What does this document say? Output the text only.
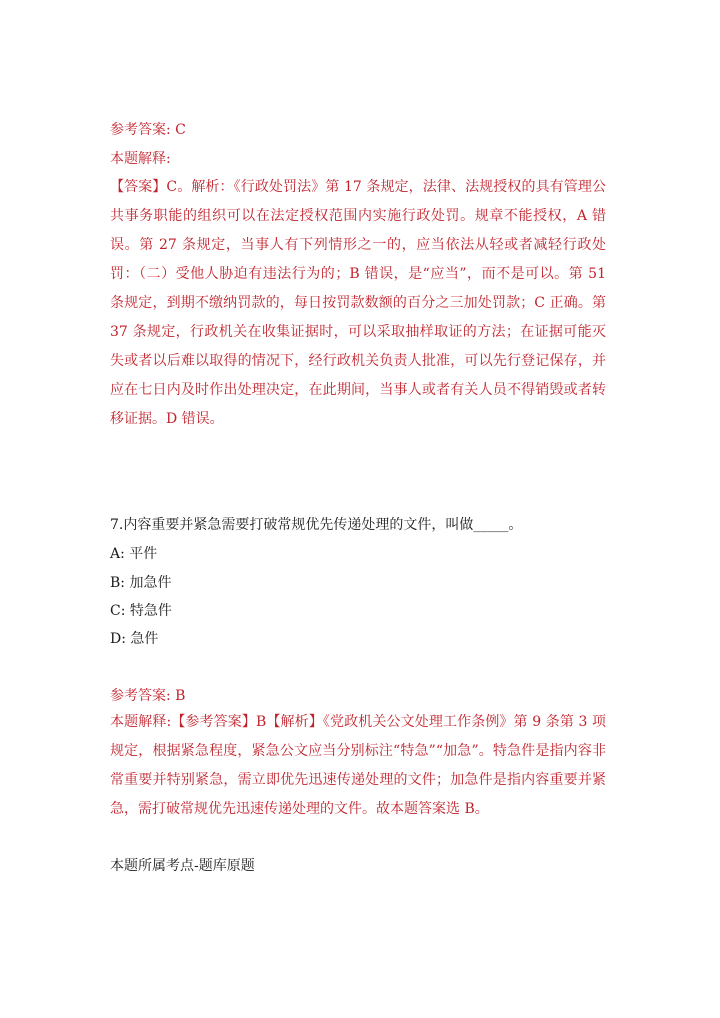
参考答案: C
本题解释:
【答案】C。解析：《行政处罚法》第 17 条规定，法律、法规授权的具有管理公共事务职能的组织可以在法定授权范围内实施行政处罚。规章不能授权，A 错误。第 27 条规定，当事人有下列情形之一的，应当依法从轻或者减轻行政处罚：（二）受他人胁迫有违法行为的；B 错误，是“应当”，而不是可以。第 51 条规定，到期不缴纳罚款的，每日按罚款数额的百分之三加处罚款；C 正确。第 37 条规定，行政机关在收集证据时，可以采取抽样取证的方法；在证据可能灭失或者以后难以取得的情况下，经行政机关负责人批准，可以先行登记保存，并应在七日内及时作出处理决定，在此期间，当事人或者有关人员不得销毁或者转移证据。D 错误。
7.内容重要并紧急需要打破常规优先传递处理的文件，叫做_____。
A: 平件
B: 加急件
C: 特急件
D: 急件
参考答案: B
本题解释:【参考答案】B【解析】《党政机关公文处理工作条例》第 9 条第 3 项规定，根据紧急程度，紧急公文应当分别标注“特急”“加急”。特急件是指内容非常重要并特别紧急，需立即优先迅速传递处理的文件；加急件是指内容重要并紧急，需打破常规优先迅速传递处理的文件。故本题答案选 B。
本题所属考点-题库原题
